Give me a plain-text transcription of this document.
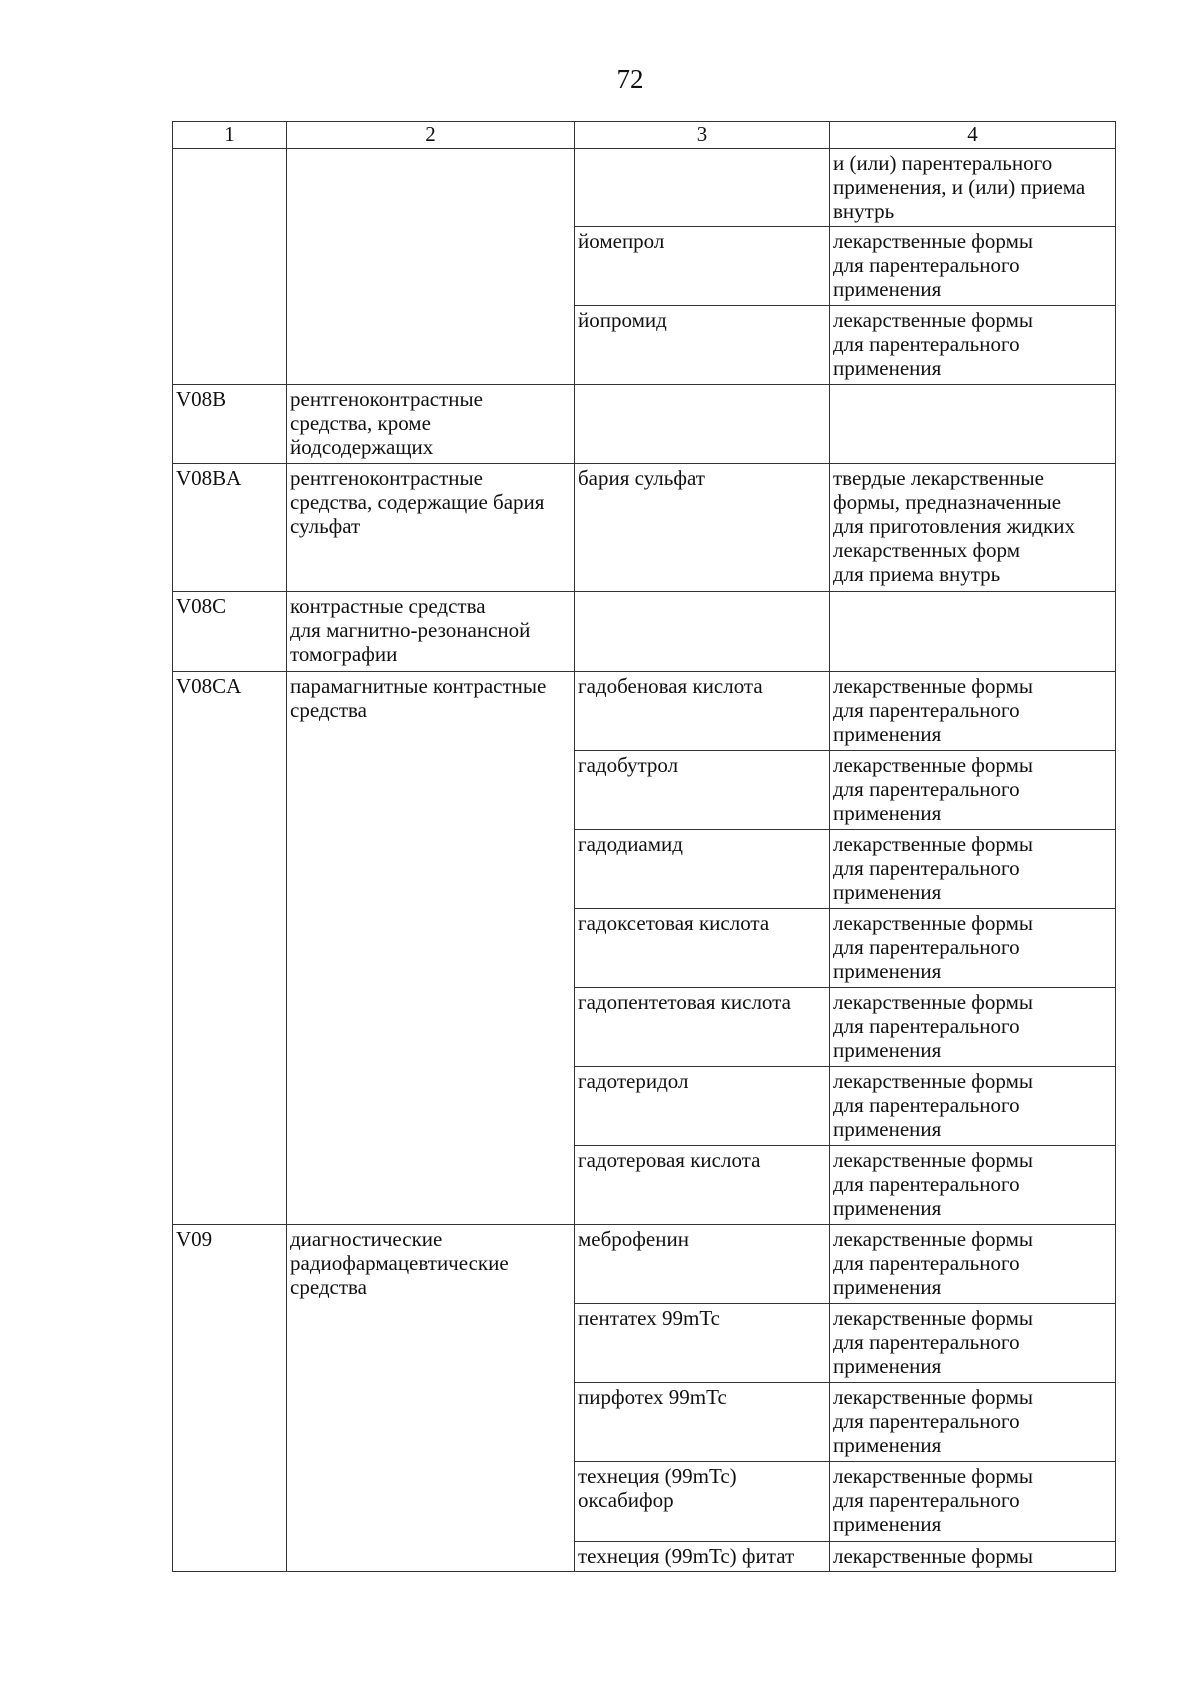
72
1	2	3	4
			и (или) парентерального
применения, и (или) приема
внутрь
		йомепрол	лекарственные формы
для парентерального
применения
		йопромид	лекарственные формы
для парентерального
применения
V08B	рентгеноконтрастные
средства, кроме
йодсодержащих		
V08BA	рентгеноконтрастные
средства, содержащие бария
сульфат	бария сульфат	твердые лекарственные
формы, предназначенные
для приготовления жидких
лекарственных форм
для приема внутрь
V08C	контрастные средства
для магнитно-резонансной
томографии		
V08CA	парамагнитные контрастные
средства	гадобеновая кислота	лекарственные формы
для парентерального
применения
		гадобутрол	лекарственные формы
для парентерального
применения
		гадодиамид	лекарственные формы
для парентерального
применения
		гадоксетовая кислота	лекарственные формы
для парентерального
применения
		гадопентетовая кислота	лекарственные формы
для парентерального
применения
		гадотеридол	лекарственные формы
для парентерального
применения
		гадотеровая кислота	лекарственные формы
для парентерального
применения
V09	диагностические
радиофармацевтические
средства	меброфенин	лекарственные формы
для парентерального
применения
		пентатех 99mTc	лекарственные формы
для парентерального
применения
		пирфотех 99mTc	лекарственные формы
для парентерального
применения
		технеция (99mTc)
оксабифор	лекарственные формы
для парентерального
применения
		технеция (99mTc) фитат	лекарственные формы
